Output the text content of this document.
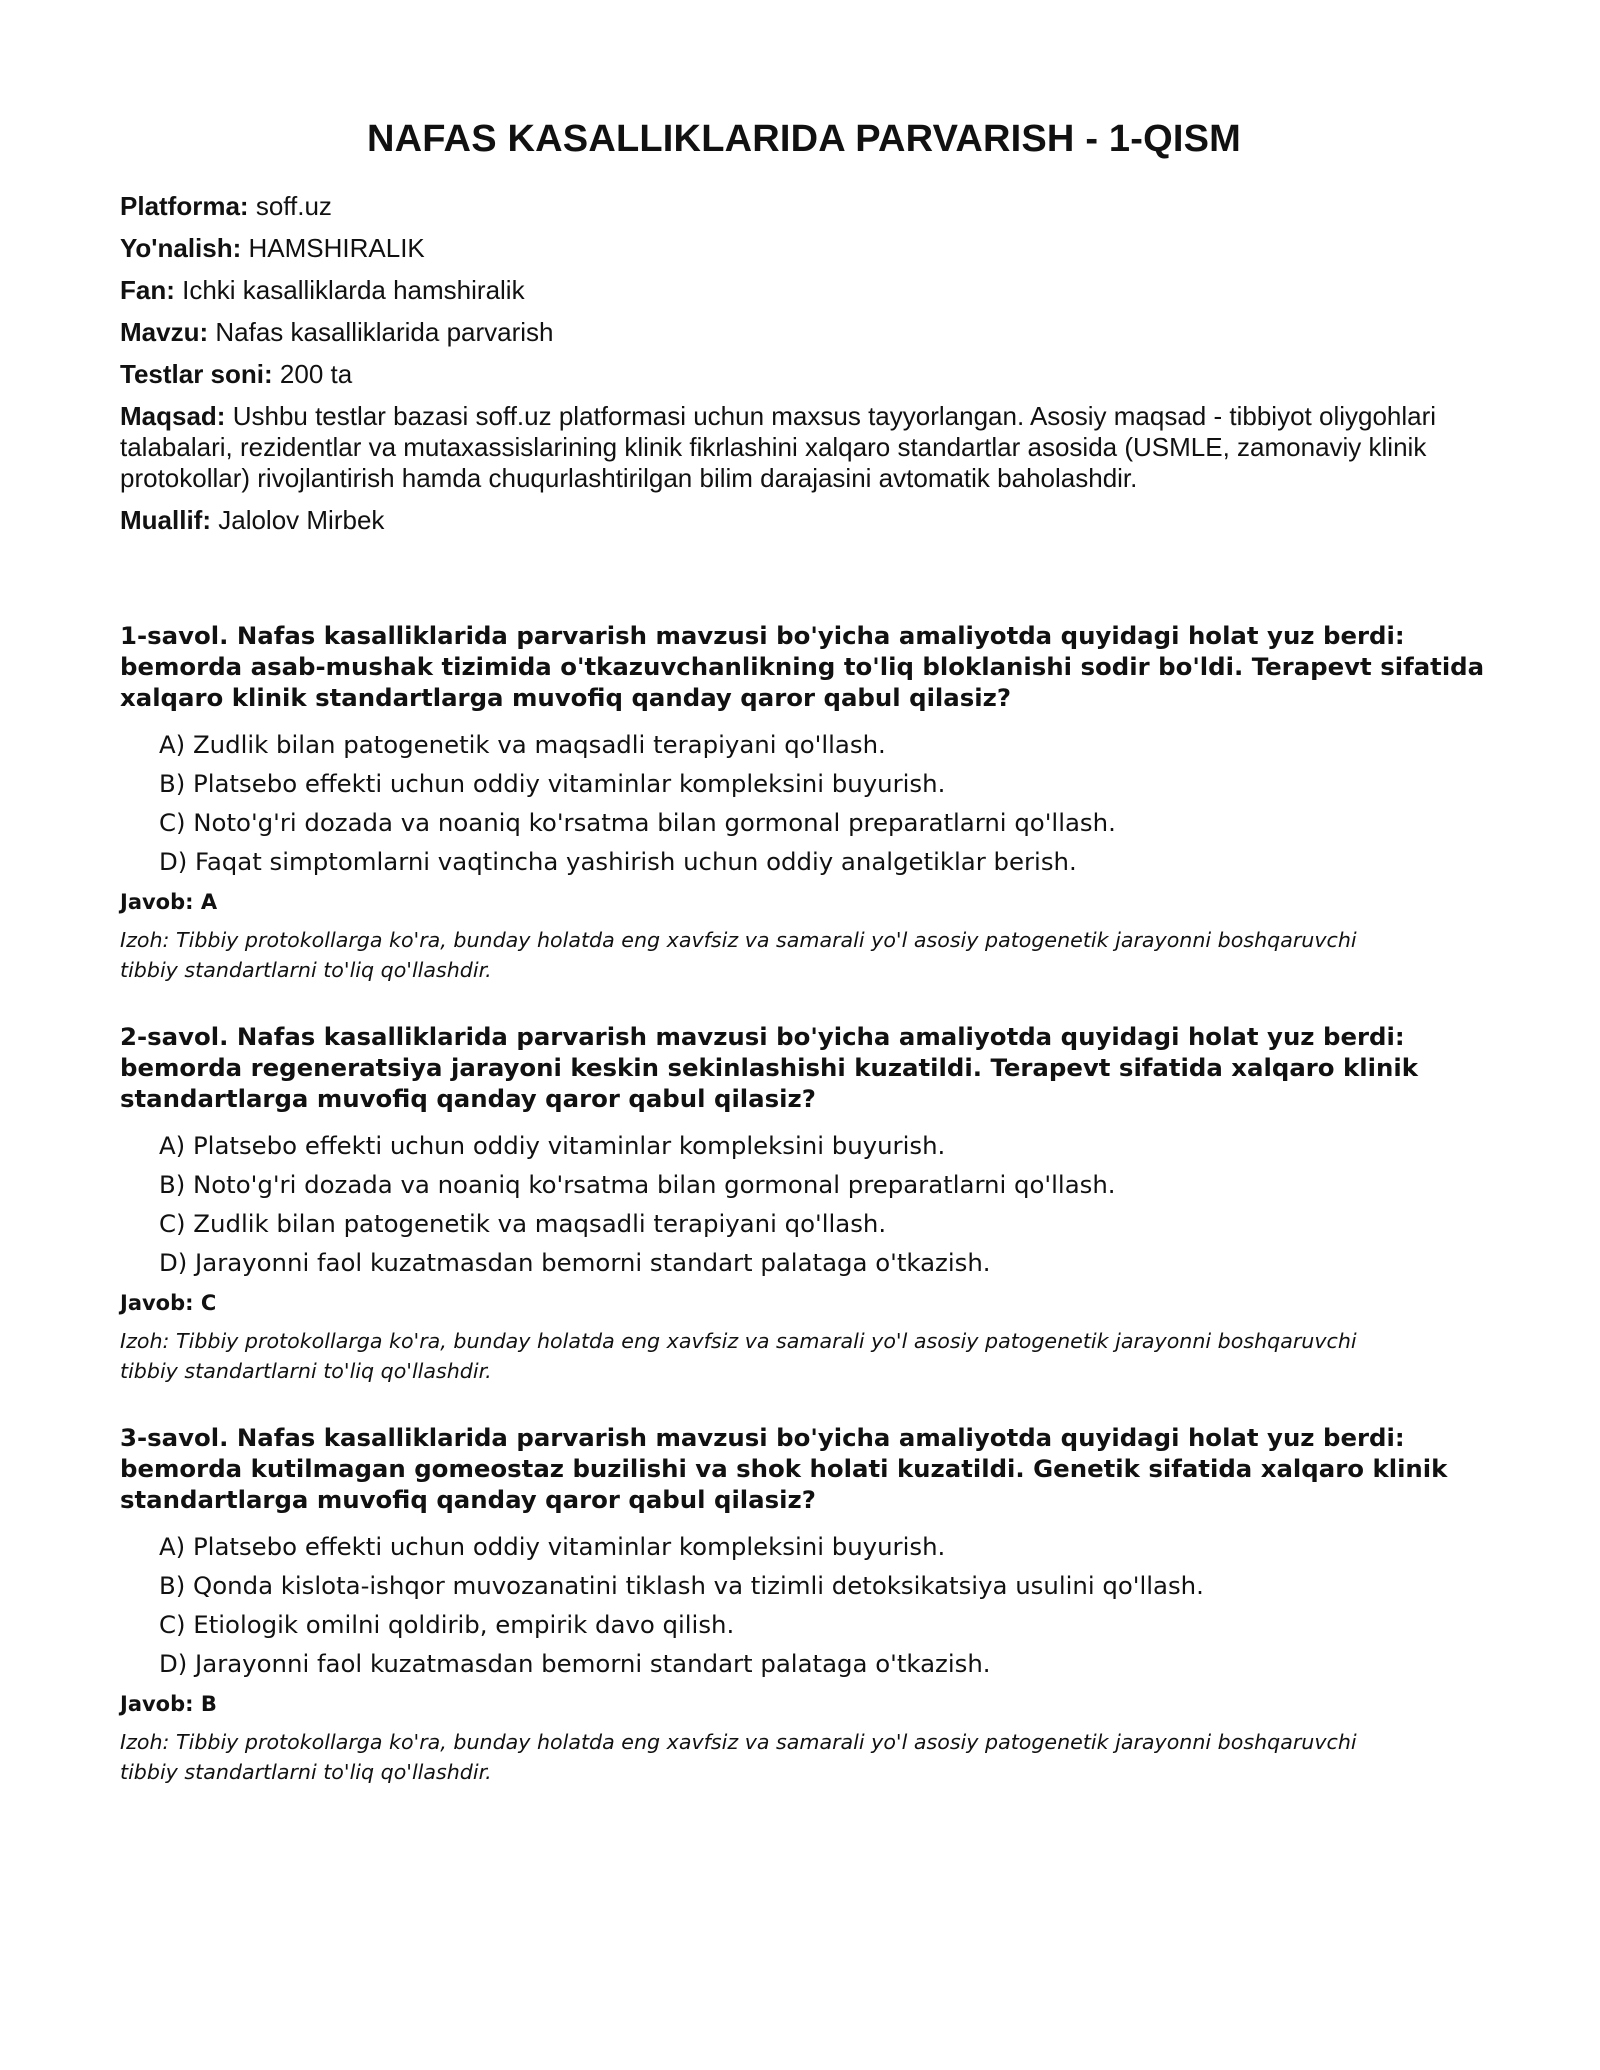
NAFAS KASALLIKLARIDA PARVARISH - 1-QISM

Platforma: soff.uz

Yo'nalish: HAMSHIRALIK

Fan: Ichki kasalliklarda hamshiralik

Mavzu: Nafas kasalliklarida parvarish

Testlar soni: 200 ta

Maqsad: Ushbu testlar bazasi soff.uz platformasi uchun maxsus tayyorlangan. Asosiy maqsad - tibbiyot oliygohlari talabalari, rezidentlar va mutaxassislarining klinik fikrlashini xalqaro standartlar asosida (USMLE, zamonaviy klinik protokollar) rivojlantirish hamda chuqurlashtirilgan bilim darajasini avtomatik baholashdir.

Muallif: Jalolov Mirbek

1-savol. Nafas kasalliklarida parvarish mavzusi bo'yicha amaliyotda quyidagi holat yuz berdi: bemorda asab-mushak tizimida o'tkazuvchanlikning to'liq bloklanishi sodir bo'ldi. Terapevt sifatida xalqaro klinik standartlarga muvofiq qanday qaror qabul qilasiz?

A) Zudlik bilan patogenetik va maqsadli terapiyani qo'llash.
B) Platsebo effekti uchun oddiy vitaminlar kompleksini buyurish.
C) Noto'g'ri dozada va noaniq ko'rsatma bilan gormonal preparatlarni qo'llash.
D) Faqat simptomlarni vaqtincha yashirish uchun oddiy analgetiklar berish.
Javob: A
Izoh: Tibbiy protokollarga ko'ra, bunday holatda eng xavfsiz va samarali yo'l asosiy patogenetik jarayonni boshqaruvchi tibbiy standartlarni to'liq qo'llashdir.

2-savol. Nafas kasalliklarida parvarish mavzusi bo'yicha amaliyotda quyidagi holat yuz berdi: bemorda regeneratsiya jarayoni keskin sekinlashishi kuzatildi. Terapevt sifatida xalqaro klinik standartlarga muvofiq qanday qaror qabul qilasiz?

A) Platsebo effekti uchun oddiy vitaminlar kompleksini buyurish.
B) Noto'g'ri dozada va noaniq ko'rsatma bilan gormonal preparatlarni qo'llash.
C) Zudlik bilan patogenetik va maqsadli terapiyani qo'llash.
D) Jarayonni faol kuzatmasdan bemorni standart palataga o'tkazish.
Javob: C
Izoh: Tibbiy protokollarga ko'ra, bunday holatda eng xavfsiz va samarali yo'l asosiy patogenetik jarayonni boshqaruvchi tibbiy standartlarni to'liq qo'llashdir.

3-savol. Nafas kasalliklarida parvarish mavzusi bo'yicha amaliyotda quyidagi holat yuz berdi: bemorda kutilmagan gomeostaz buzilishi va shok holati kuzatildi. Genetik sifatida xalqaro klinik standartlarga muvofiq qanday qaror qabul qilasiz?

A) Platsebo effekti uchun oddiy vitaminlar kompleksini buyurish.
B) Qonda kislota-ishqor muvozanatini tiklash va tizimli detoksikatsiya usulini qo'llash.
C) Etiologik omilni qoldirib, empirik davo qilish.
D) Jarayonni faol kuzatmasdan bemorni standart palataga o'tkazish.
Javob: B
Izoh: Tibbiy protokollarga ko'ra, bunday holatda eng xavfsiz va samarali yo'l asosiy patogenetik jarayonni boshqaruvchi tibbiy standartlarni to'liq qo'llashdir.
